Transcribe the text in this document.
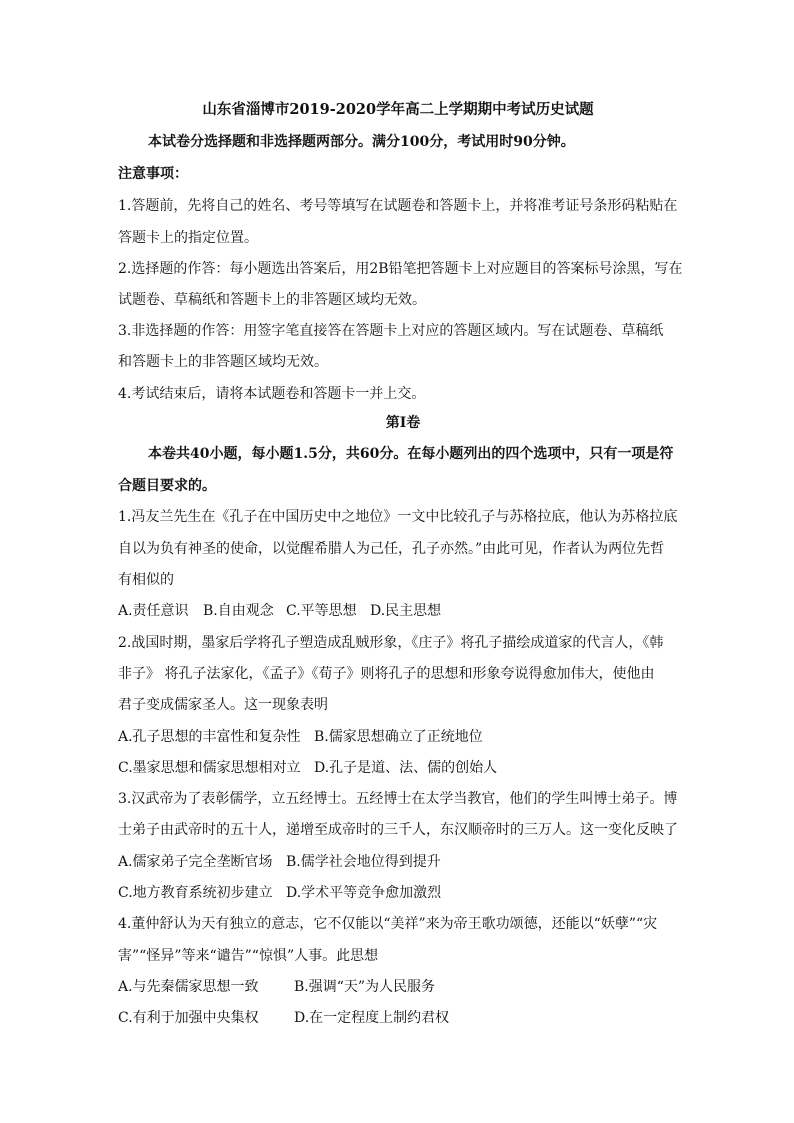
山东省淄博市2019-2020学年高二上学期期中考试历史试题
本试卷分选择题和非选择题两部分。满分100分，考试用时90分钟。
注意事项：
1.答题前，先将自己的姓名、考号等填写在试题卷和答题卡上，并将准考证号条形码粘贴在
答题卡上的指定位置。
2.选择题的作答：每小题选出答案后，用2B铅笔把答题卡上对应题目的答案标号涂黑，写在
试题卷、草稿纸和答题卡上的非答题区域均无效。
3.非选择题的作答：用签字笔直接答在答题卡上对应的答题区域内。写在试题卷、草稿纸
和答题卡上的非答题区域均无效。
4.考试结束后，请将本试题卷和答题卡一并上交。
第Ⅰ卷
本卷共40小题，每小题1.5分，共60分。在每小题列出的四个选项中，只有一项是符
合题目要求的。
1.冯友兰先生在《孔子在中国历史中之地位》一文中比较孔子与苏格拉底，他认为苏格拉底
自以为负有神圣的使命，以觉醒希腊人为己任，孔子亦然。”由此可见，作者认为两位先哲
有相似的
A.责任意识 B.自由观念 C.平等思想 D.民主思想
2.战国时期，墨家后学将孔子塑造成乱贼形象，《庄子》将孔子描绘成道家的代言人，《韩
非子》 将孔子法家化，《孟子》《荀子》则将孔子的思想和形象夸说得愈加伟大，使他由
君子变成儒家圣人。这一现象表明
A.孔子思想的丰富性和复杂性 B.儒家思想确立了正统地位
C.墨家思想和儒家思想相对立 D.孔子是道、法、儒的创始人
3.汉武帝为了表彰儒学，立五经博士。五经博士在太学当教官，他们的学生叫博士弟子。博
士弟子由武帝时的五十人，递增至成帝时的三千人，东汉顺帝时的三万人。这一变化反映了
A.儒家弟子完全垄断官场 B.儒学社会地位得到提升
C.地方教育系统初步建立 D.学术平等竞争愈加激烈
4.董仲舒认为天有独立的意志，它不仅能以“美祥”来为帝王歌功颂德，还能以“妖孽”“灾
害”“怪异”等来“谴告”“惊惧”人事。此思想
A.与先秦儒家思想一致	B.强调“天”为人民服务
C.有利于加强中央集权	D.在一定程度上制约君权
